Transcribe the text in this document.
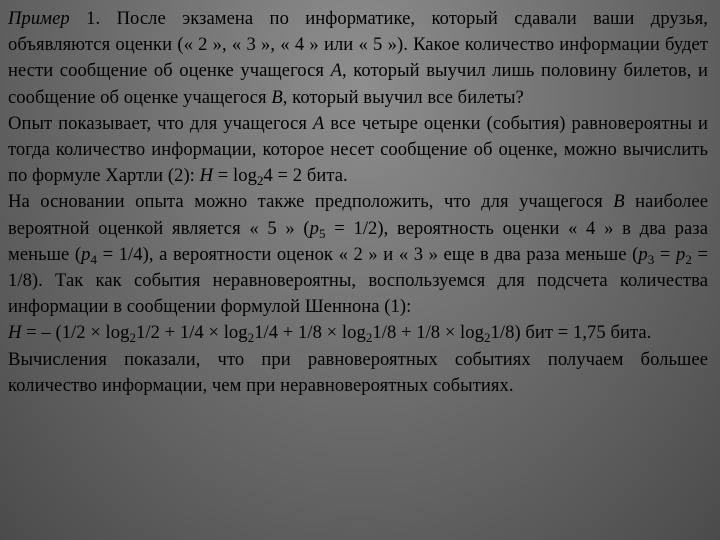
Пример 1. После экзамена по информатике, который сдавали ваши друзья, объявляются оценки (« 2 », « 3 », « 4 » или « 5 »). Какое количество информации будет нести сообщение об оценке учащегося А, который выучил лишь половину билетов, и сообщение об оценке учащегося В, который выучил все билеты?

Опыт показывает, что для учащегося А все четыре оценки (события) равновероятны и тогда количество информации, которое несет сообщение об оценке, можно вычислить по формуле Хартли (2): $Н = \log_24 = 2$ бита.

На основании опыта можно также предположить, что для учащегося В наиболее вероятной оценкой является « 5 » $(p_5 = 1/2)$, вероятность оценки « 4 » в два раза меньше $(p_4 = 1/4)$, а вероятности оценок « 2 » и « 3 » еще в два раза меньше $(p_3 = p_2 = 1/8)$. Так как события неравновероятны, воспользуемся для подсчета количества информации в сообщении формулой Шеннона (1):

Н = – $(1/2 \times \log_21/2 + 1/4 \times \log_21/4 + 1/8 \times \log_21/8 + 1/8 \times \log_21/8)$ бит = 1,75 бита.

Вычисления показали, что при равновероятных событиях получаем большее количество информации, чем при неравновероятных событиях.
